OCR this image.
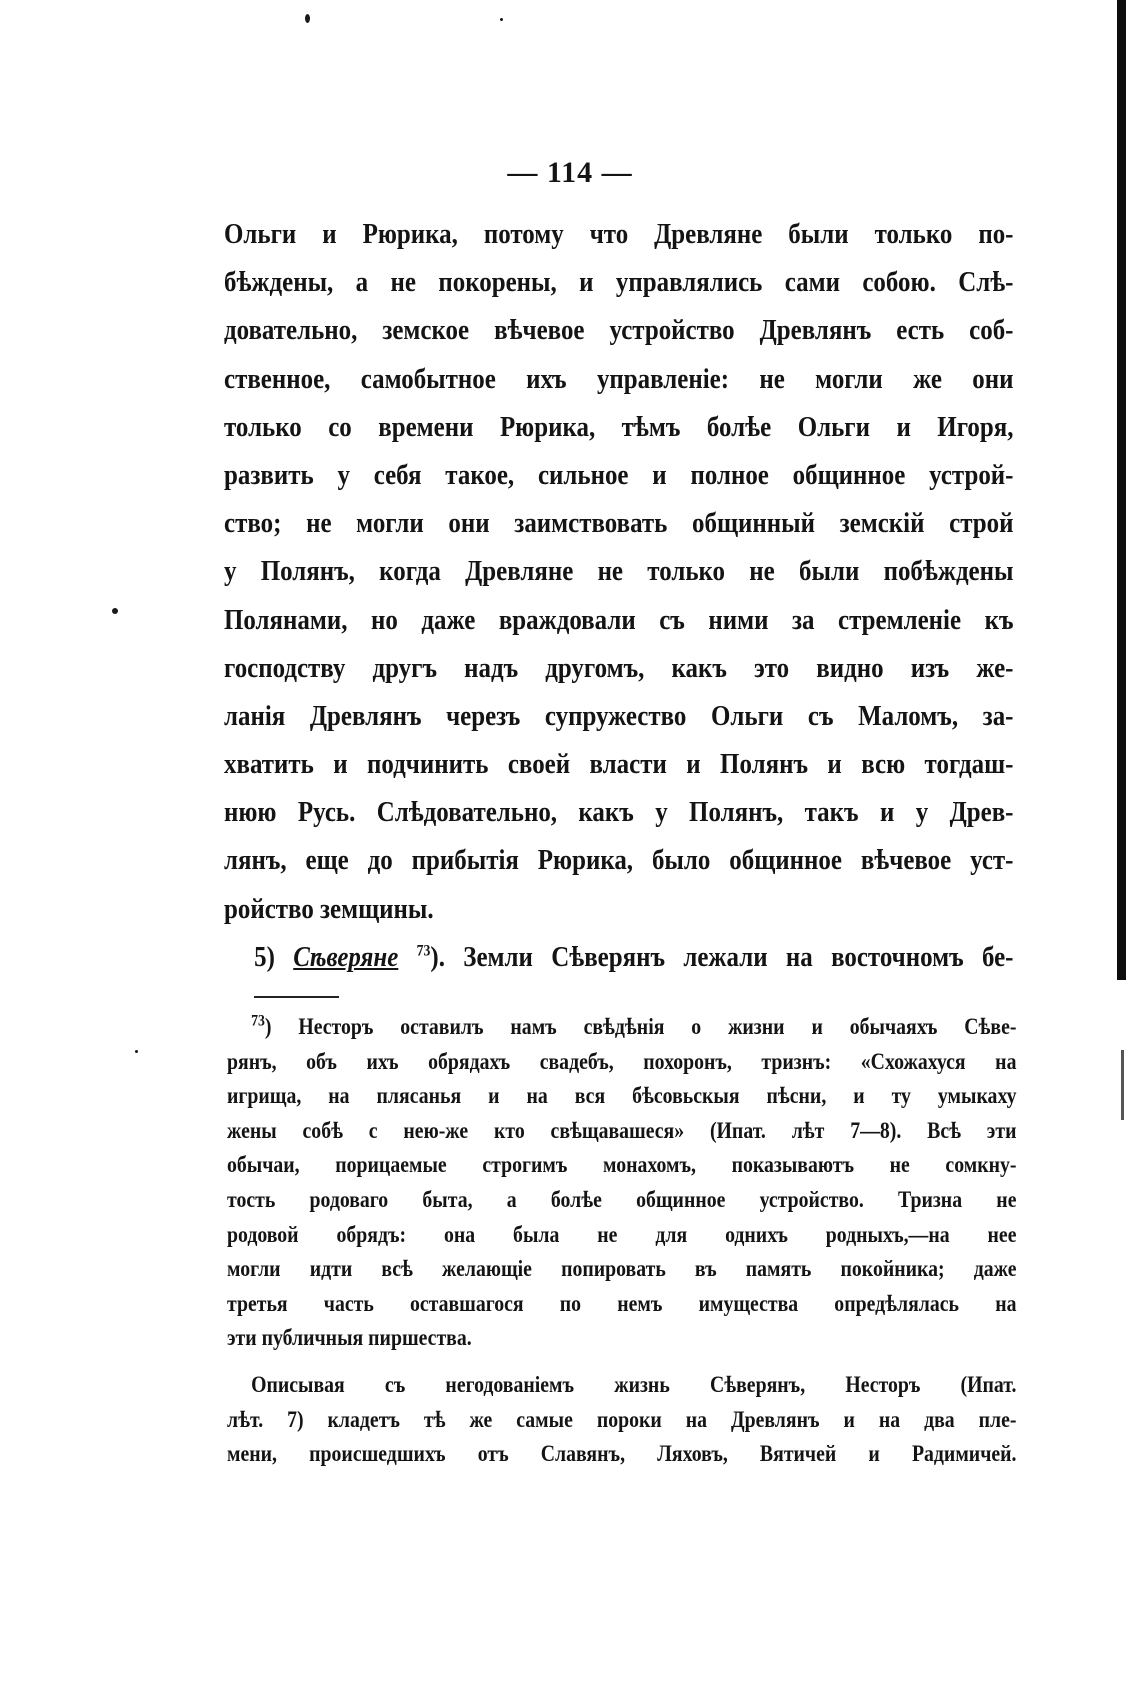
— 114 —
Ольги и Рюрика, потому что Древляне были только по-
бѣждены, а не покорены, и управлялись сами собою. Слѣ-
довательно, земское вѣчевое устройство Древлянъ есть соб-
ственное, самобытное ихъ управленіе: не могли же они
только со времени Рюрика, тѣмъ болѣе Ольги и Игоря,
развить у себя такое, сильное и полное общинное устрой-
ство; не могли они заимствовать общинный земскій строй
у Полянъ, когда Древляне не только не были побѣждены
Полянами, но даже враждовали съ ними за стремленіе къ
господству другъ надъ другомъ, какъ это видно изъ же-
ланія Древлянъ черезъ супружество Ольги съ Маломъ, за-
хватить и подчинить своей власти и Полянъ и всю тогдаш-
нюю Русь. Слѣдовательно, какъ у Полянъ, такъ и у Древ-
лянъ, еще до прибытія Рюрика, было общинное вѣчевое уст-
ройство земщины.
5) Сѣверяне $^{73}$). Земли Сѣверянъ лежали на восточномъ бе-
$^{73}$) Несторъ оставилъ намъ свѣдѣнія о жизни и обычаяхъ Сѣве-
рянъ, объ ихъ обрядахъ свадебъ, похоронъ, тризнъ: «Схожахуся на
игрища, на плясанья и на вся бѣсовьскыя пѣсни, и ту умыкаху
жены собѣ с нею-же кто свѣщавашеся» (Ипат. лѣт 7—8). Всѣ эти
обычаи, порицаемые строгимъ монахомъ, показываютъ не сомкну-
тость родоваго быта, а болѣе общинное устройство. Тризна не
родовой обрядъ: она была не для однихъ родныхъ,—на нее
могли идти всѣ желающіе попировать въ память покойника; даже
третья часть оставшагося по немъ имущества опредѣлялась на
эти публичныя пиршества.
Описывая съ негодованіемъ жизнь Сѣверянъ, Несторъ (Ипат.
лѣт. 7) кладетъ тѣ же самые пороки на Древлянъ и на два пле-
мени, происшедшихъ отъ Славянъ, Ляховъ, Вятичей и Радимичей.
